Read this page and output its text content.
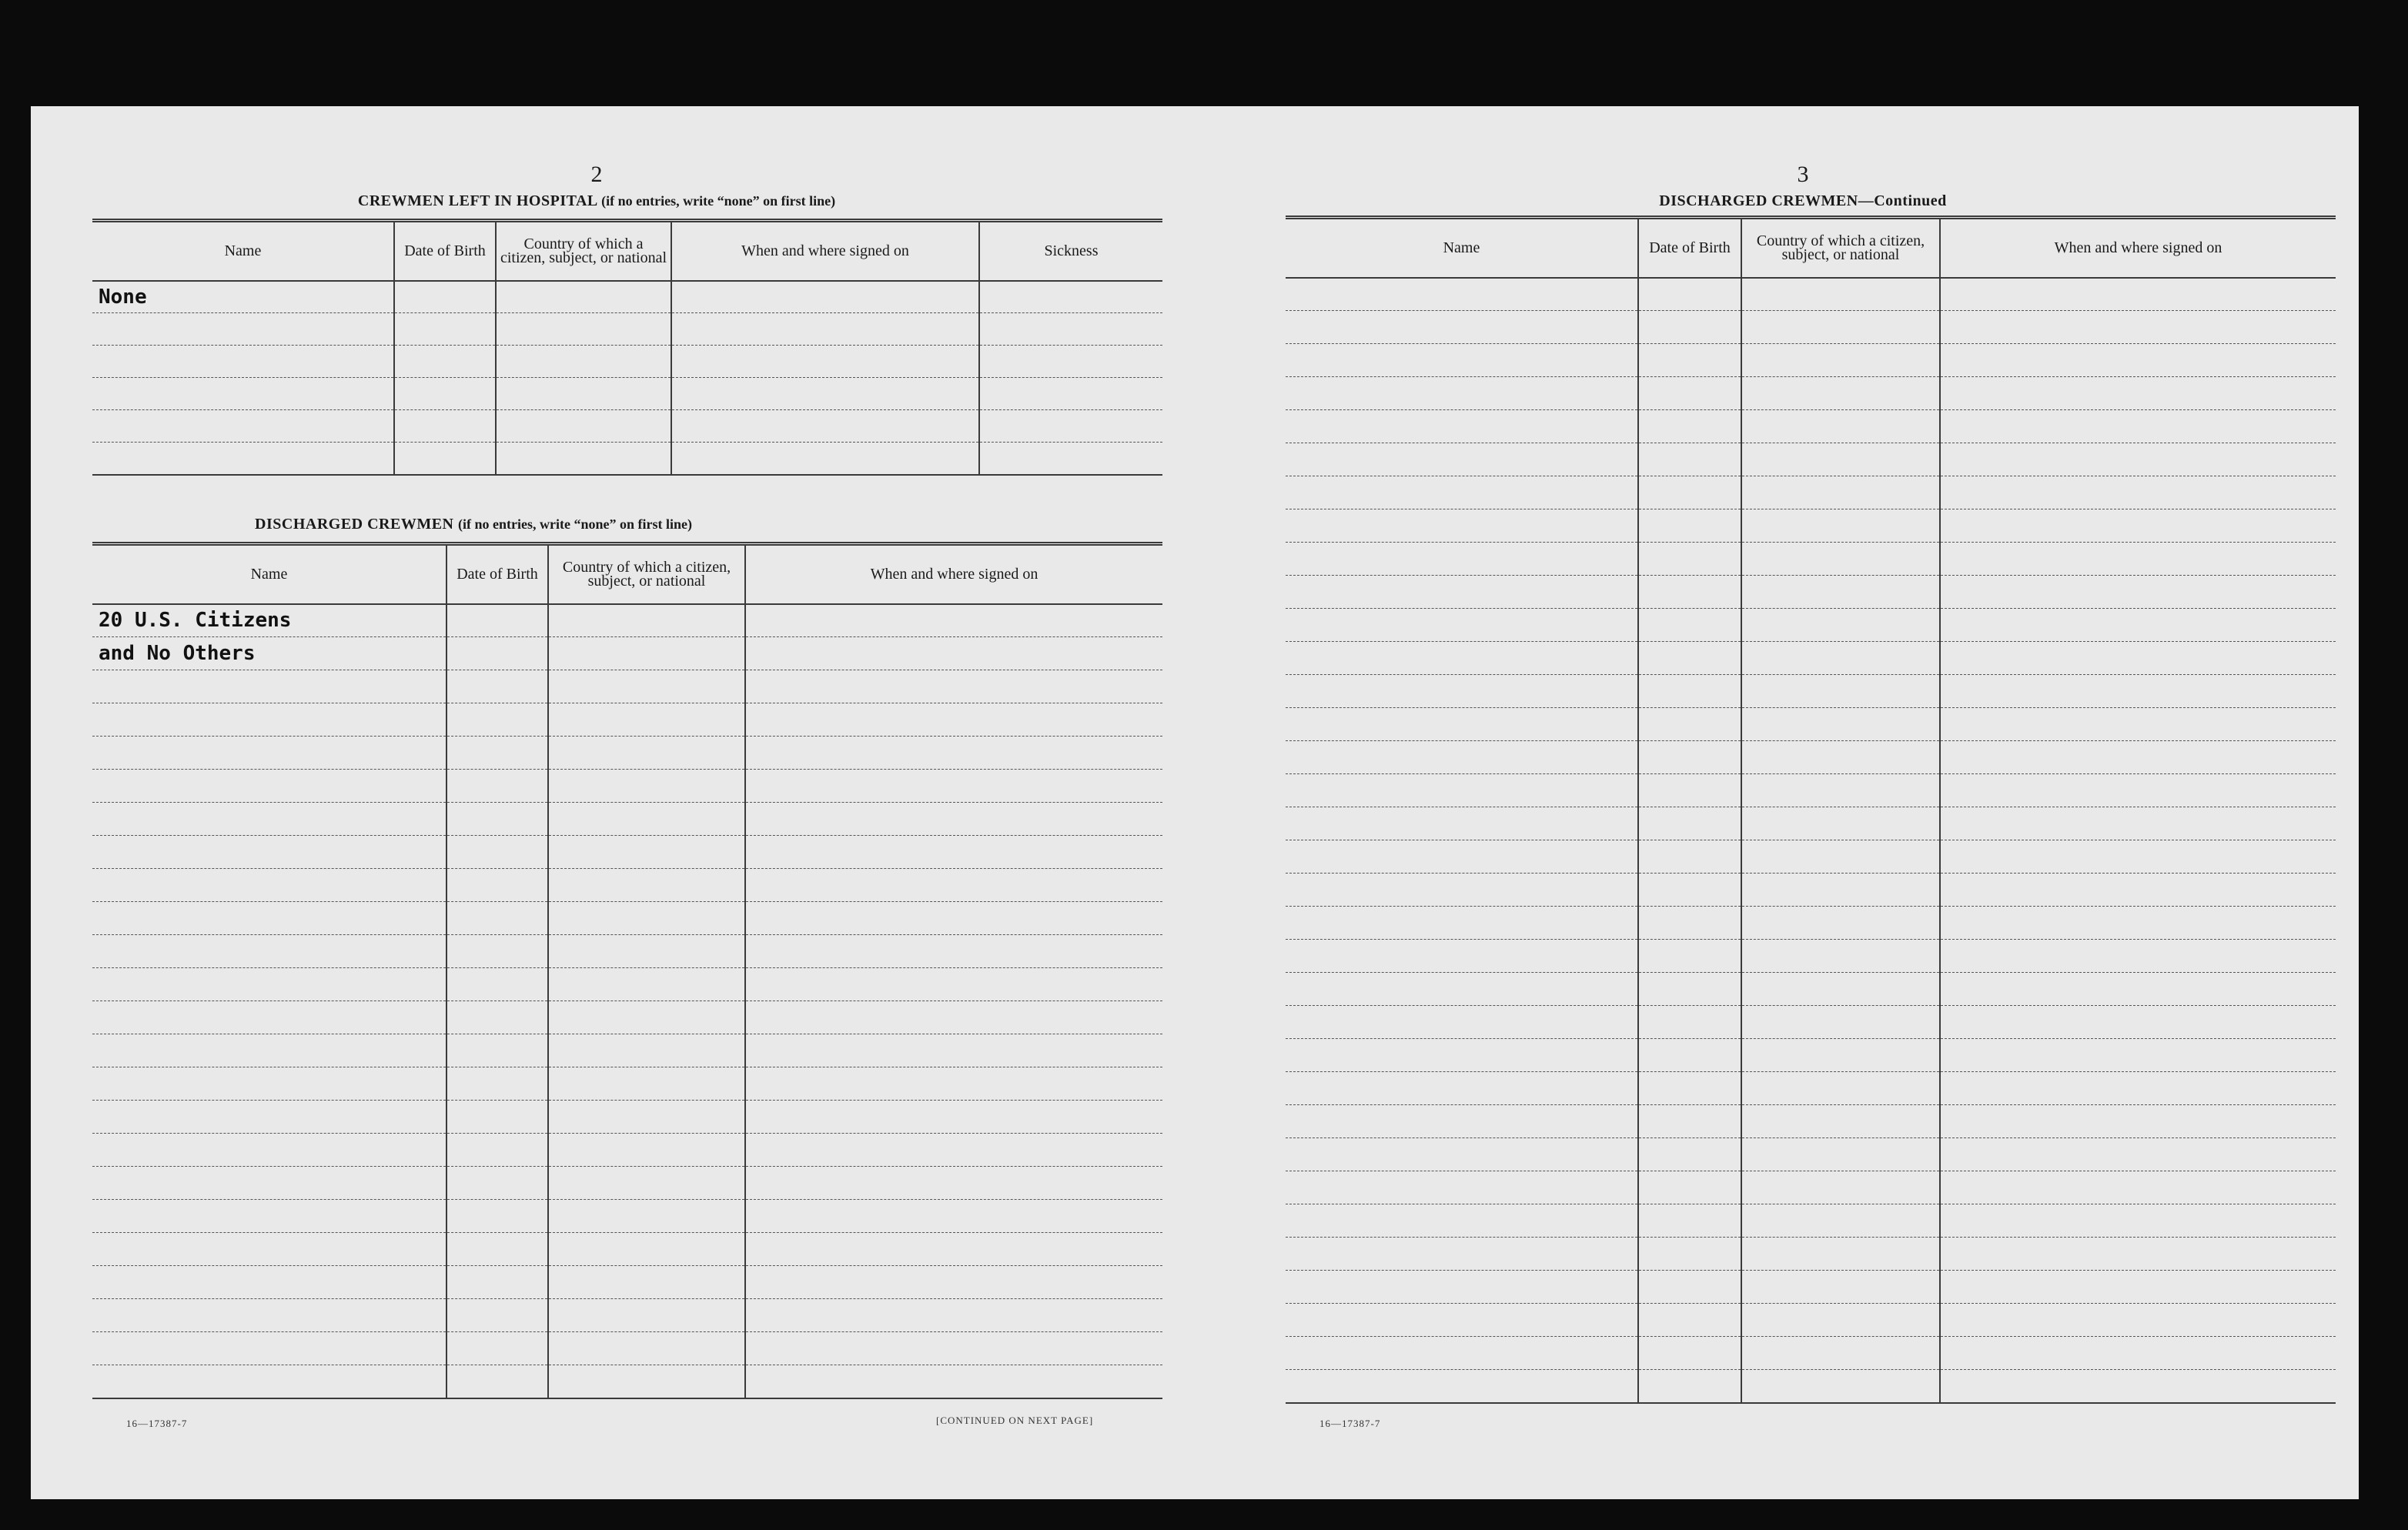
2
CREWMEN LEFT IN HOSPITAL (if no entries, write “none” on first line)
Name	Date of Birth	Country of which a citizen, subject, or national	When and where signed on	Sickness
None				

DISCHARGED CREWMEN (if no entries, write “none” on first line)
Name	Date of Birth	Country of which a citizen, subject, or national	When and where signed on
20 U.S. Citizens			
and No Others			

16—17387-7	[CONTINUED ON NEXT PAGE]
3
DISCHARGED CREWMEN—Continued
Name	Date of Birth	Country of which a citizen, subject, or national	When and where signed on

16—17387-7
